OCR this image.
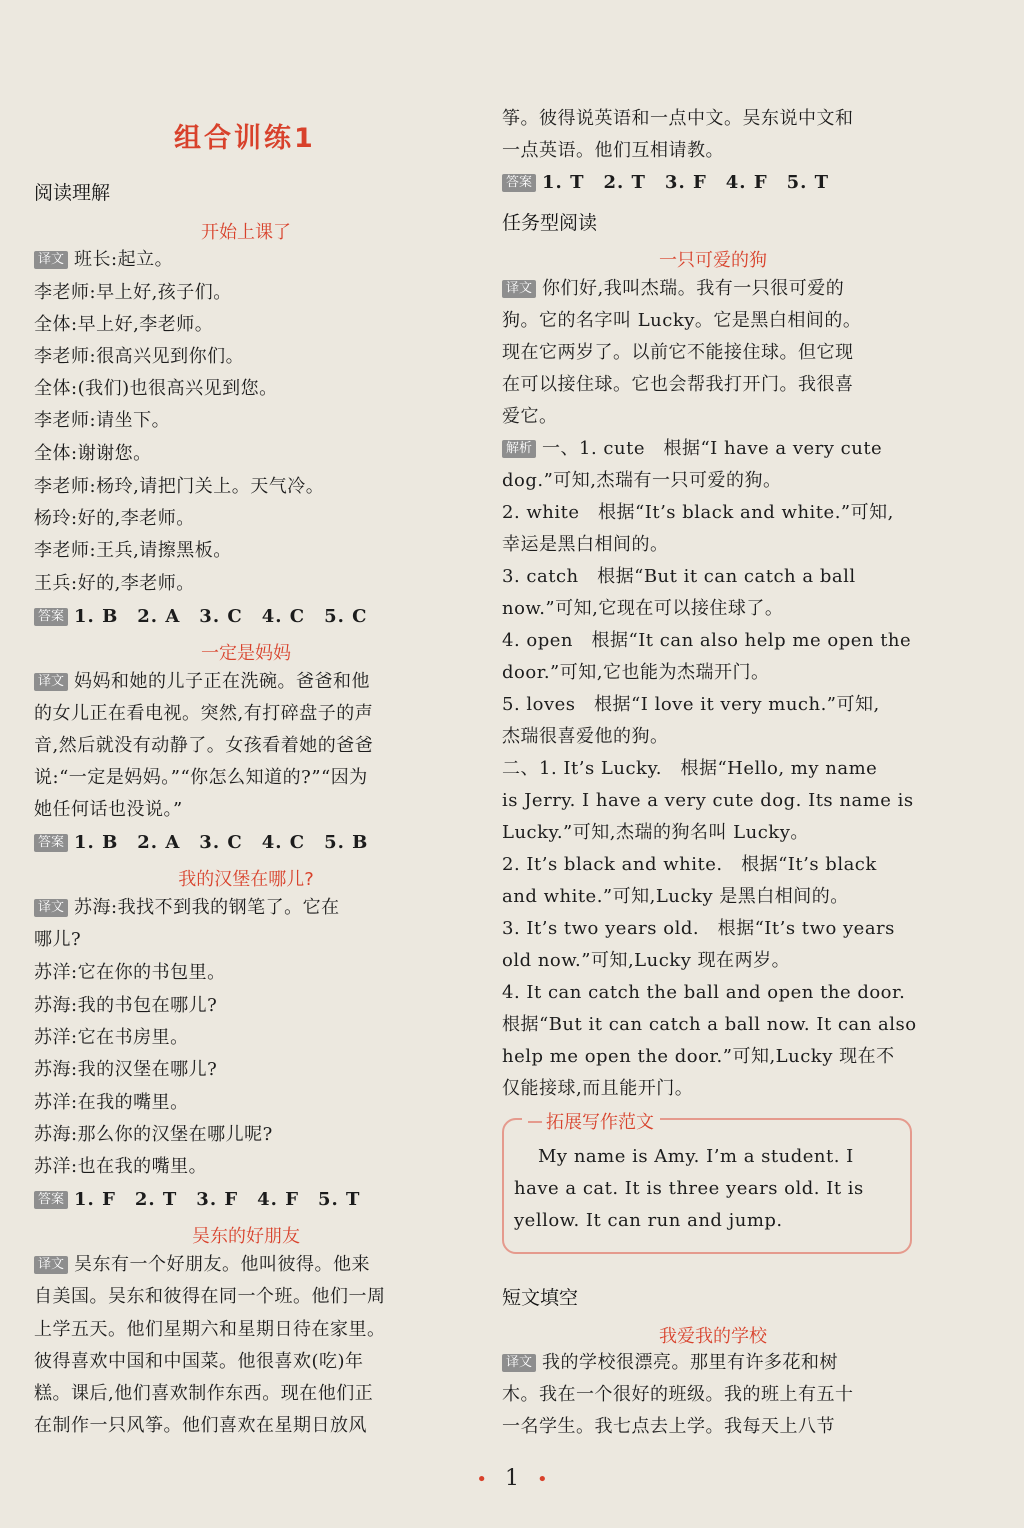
组合训练1
阅读理解
开始上课了

译文 班长:起立。

李老师:早上好,孩子们。

全体:早上好,李老师。

李老师:很高兴见到你们。

全体:(我们)也很高兴见到您。

李老师:请坐下。

全体:谢谢您。

李老师:杨玲,请把门关上。天气冷。

杨玲:好的,李老师。

李老师:王兵,请擦黑板。

王兵:好的,李老师。

答案 1. B　2. A　3. C　4. C　5. C

一定是妈妈

译文 妈妈和她的儿子正在洗碗。爸爸和他

的女儿正在看电视。突然,有打碎盘子的声

音,然后就没有动静了。女孩看着她的爸爸

说:“一定是妈妈。”“你怎么知道的?”“因为

她任何话也没说。”

答案 1. B　2. A　3. C　4. C　5. B

我的汉堡在哪儿?

译文 苏海:我找不到我的钢笔了。它在

哪儿?

苏洋:它在你的书包里。

苏海:我的书包在哪儿?

苏洋:它在书房里。

苏海:我的汉堡在哪儿?

苏洋:在我的嘴里。

苏海:那么你的汉堡在哪儿呢?

苏洋:也在我的嘴里。

答案 1. F　2. T　3. F　4. F　5. T

吴东的好朋友

译文 吴东有一个好朋友。他叫彼得。他来

自美国。吴东和彼得在同一个班。他们一周

上学五天。他们星期六和星期日待在家里。

彼得喜欢中国和中国菜。他很喜欢(吃)年

糕。课后,他们喜欢制作东西。现在他们正

在制作一只风筝。他们喜欢在星期日放风

筝。彼得说英语和一点中文。吴东说中文和

一点英语。他们互相请教。

答案 1. T　2. T　3. F　4. F　5. T

任务型阅读
一只可爱的狗

译文 你们好,我叫杰瑞。我有一只很可爱的

狗。它的名字叫 Lucky。它是黑白相间的。

现在它两岁了。以前它不能接住球。但它现

在可以接住球。它也会帮我打开门。我很喜

爱它。

解析 一、1. cute　根据“I have a very cute

dog.”可知,杰瑞有一只可爱的狗。

2. white　根据“It’s black and white.”可知,

幸运是黑白相间的。

3. catch　根据“But it can catch a ball

now.”可知,它现在可以接住球了。

4. open　根据“It can also help me open the

door.”可知,它也能为杰瑞开门。

5. loves　根据“I love it very much.”可知,

杰瑞很喜爱他的狗。

二、1. It’s Lucky.　根据“Hello, my name

is Jerry. I have a very cute dog. Its name is

Lucky.”可知,杰瑞的狗名叫 Lucky。

2. It’s black and white.　根据“It’s black

and white.”可知,Lucky 是黑白相间的。

3. It’s two years old.　根据“It’s two years

old now.”可知,Lucky 现在两岁。

4. It can catch the ball and open the door.

根据“But it can catch a ball now. It can also

help me open the door.”可知,Lucky 现在不

仅能接球,而且能开门。

拓展写作范文

My name is Amy. I’m a student. I

have a cat. It is three years old. It is

yellow. It can run and jump.

短文填空
我爱我的学校

译文 我的学校很漂亮。那里有许多花和树

木。我在一个很好的班级。我的班上有五十

一名学生。我七点去上学。我每天上八节

• 1 •
